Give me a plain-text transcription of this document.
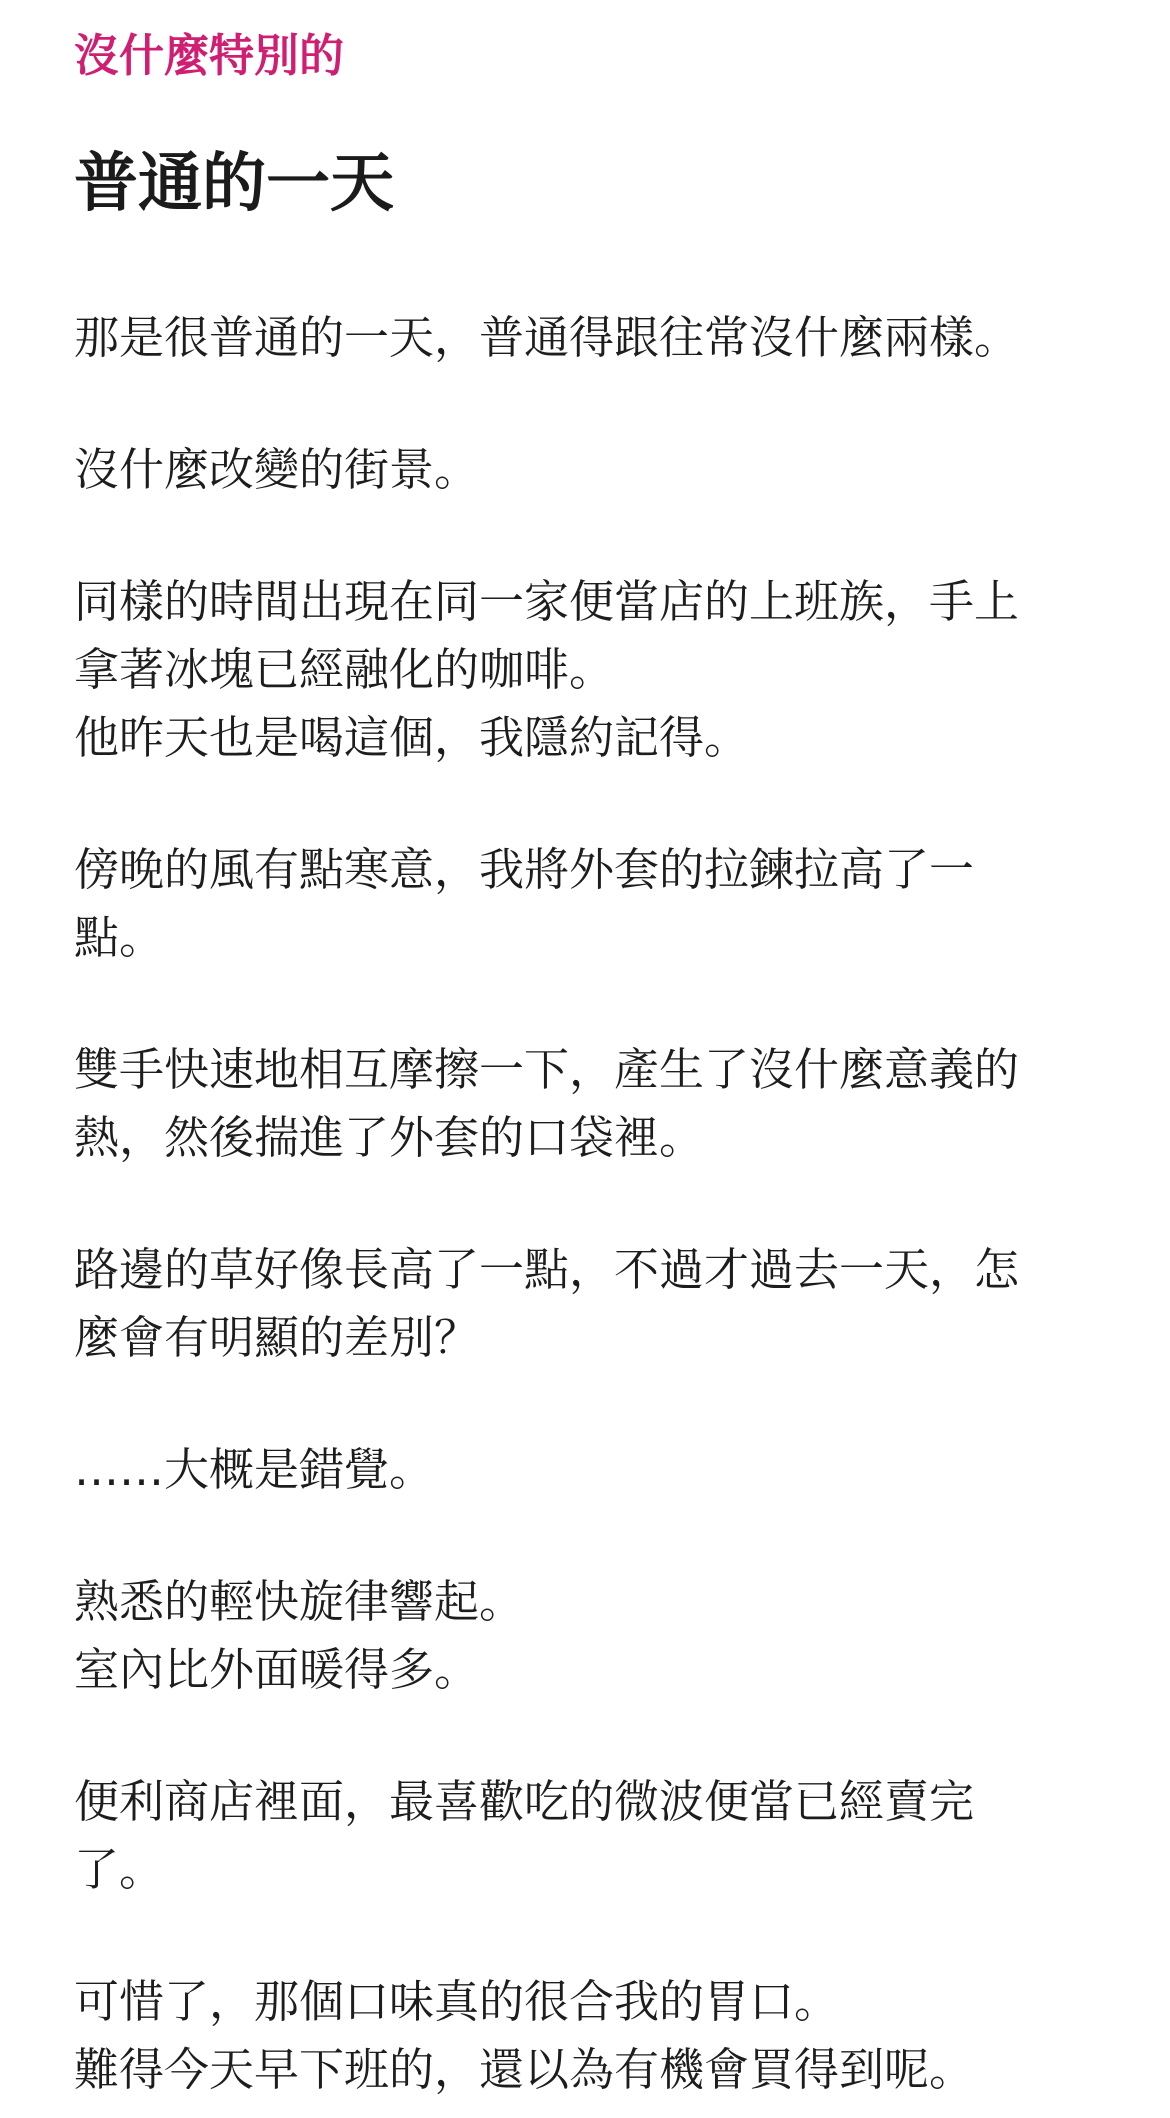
沒什麼特別的
普通的一天

那是很普通的一天，普通得跟往常沒什麼兩樣。

沒什麼改變的街景。

同樣的時間出現在同一家便當店的上班族，手上
拿著冰塊已經融化的咖啡。
他昨天也是喝這個，我隱約記得。

傍晚的風有點寒意，我將外套的拉鍊拉高了一
點。

雙手快速地相互摩擦一下，產生了沒什麼意義的
熱，然後揣進了外套的口袋裡。

路邊的草好像長高了一點，不過才過去一天，怎
麼會有明顯的差別？

……大概是錯覺。

熟悉的輕快旋律響起。
室內比外面暖得多。

便利商店裡面，最喜歡吃的微波便當已經賣完
了。

可惜了，那個口味真的很合我的胃口。
難得今天早下班的，還以為有機會買得到呢。
